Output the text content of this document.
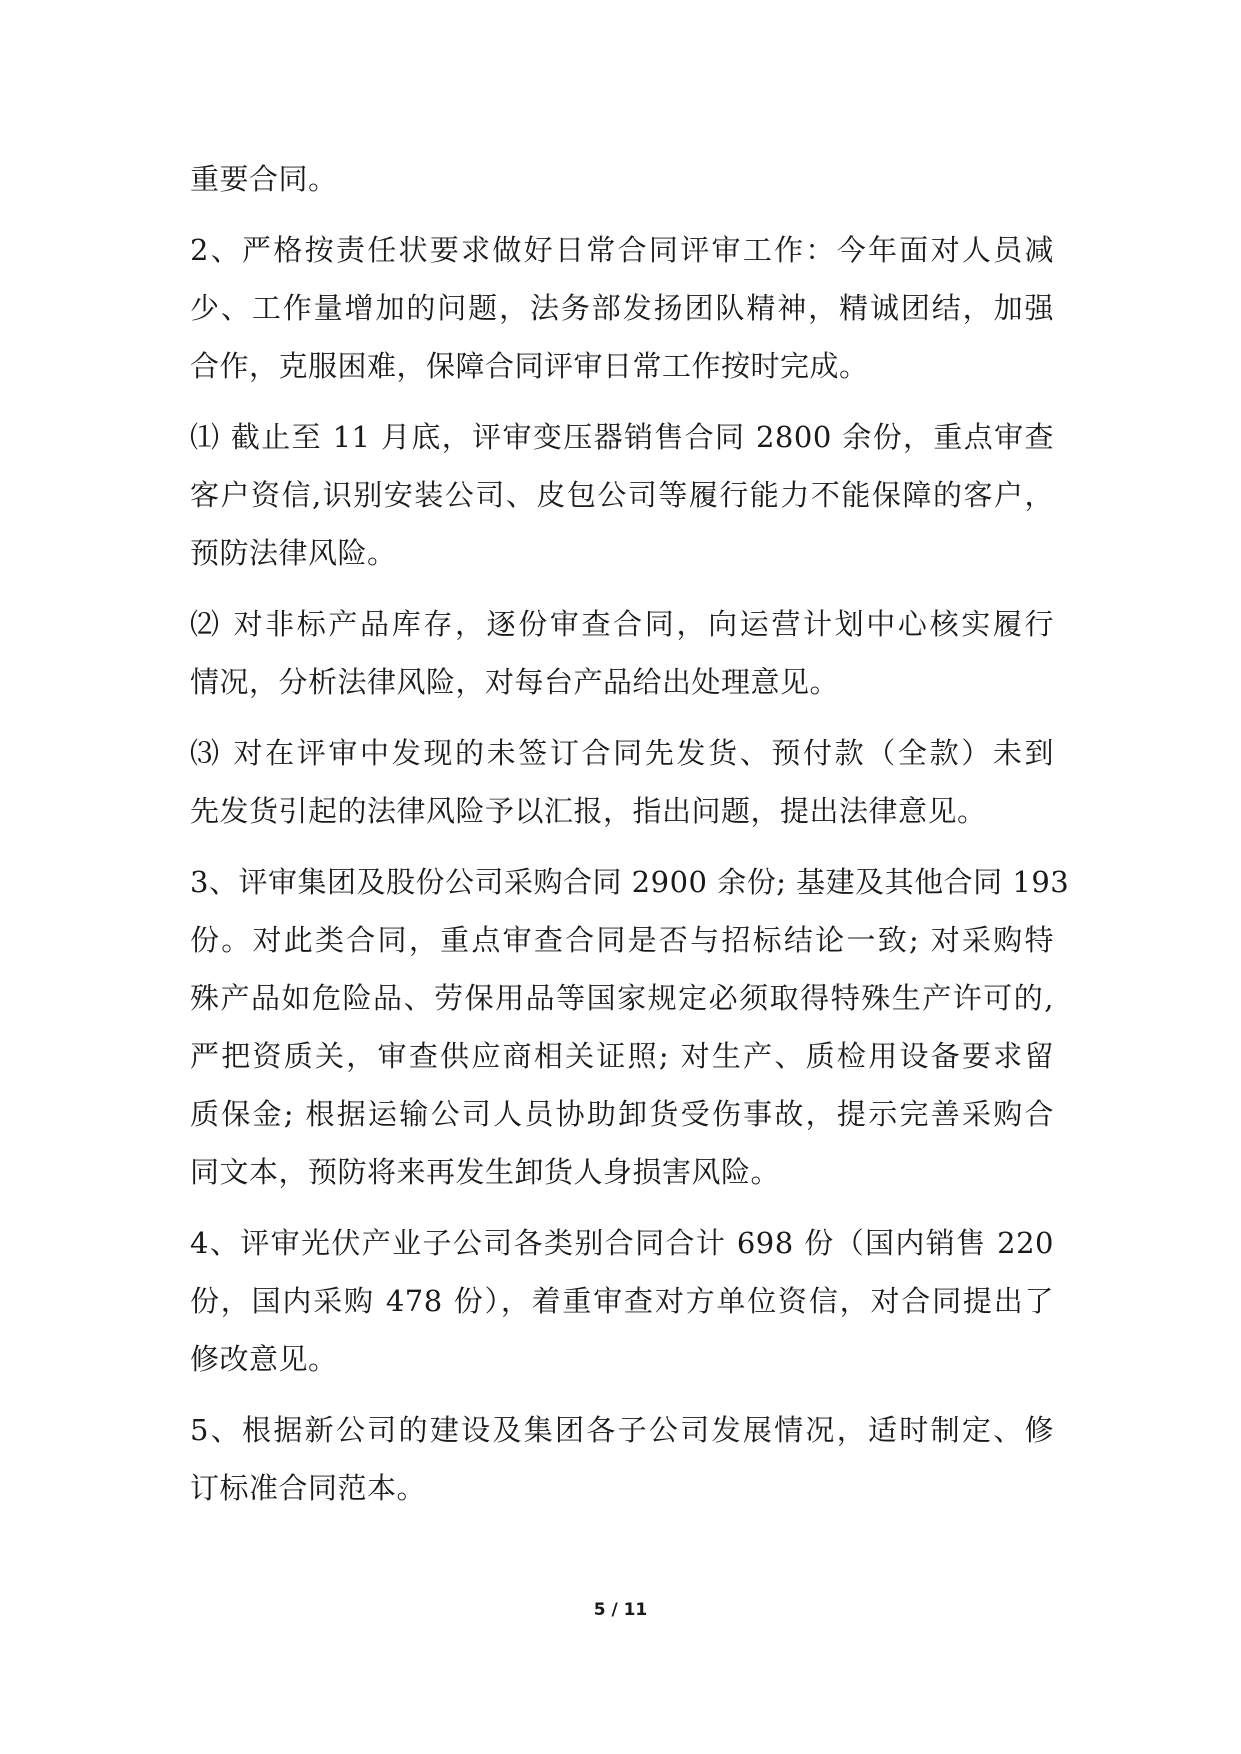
重要合同。
2、严格按责任状要求做好日常合同评审工作：今年面对人员减
少、工作量增加的问题，法务部发扬团队精神，精诚团结，加强
合作，克服困难，保障合同评审日常工作按时完成。
⑴ 截止至 11 月底，评审变压器销售合同 2800 余份，重点审查
客户资信,识别安装公司、皮包公司等履行能力不能保障的客户，
预防法律风险。
⑵ 对非标产品库存，逐份审查合同，向运营计划中心核实履行
情况，分析法律风险，对每台产品给出处理意见。
⑶ 对在评审中发现的未签订合同先发货、预付款（全款）未到
先发货引起的法律风险予以汇报，指出问题，提出法律意见。
3、评审集团及股份公司采购合同 2900 余份; 基建及其他合同 193
份。对此类合同，重点审查合同是否与招标结论一致; 对采购特
殊产品如危险品、劳保用品等国家规定必须取得特殊生产许可的,
严把资质关，审查供应商相关证照; 对生产、质检用设备要求留
质保金; 根据运输公司人员协助卸货受伤事故，提示完善采购合
同文本，预防将来再发生卸货人身损害风险。
4、评审光伏产业子公司各类别合同合计 698 份（国内销售 220
份，国内采购 478 份），着重审查对方单位资信，对合同提出了
修改意见。
5、根据新公司的建设及集团各子公司发展情况，适时制定、修
订标准合同范本。
5 / 11
